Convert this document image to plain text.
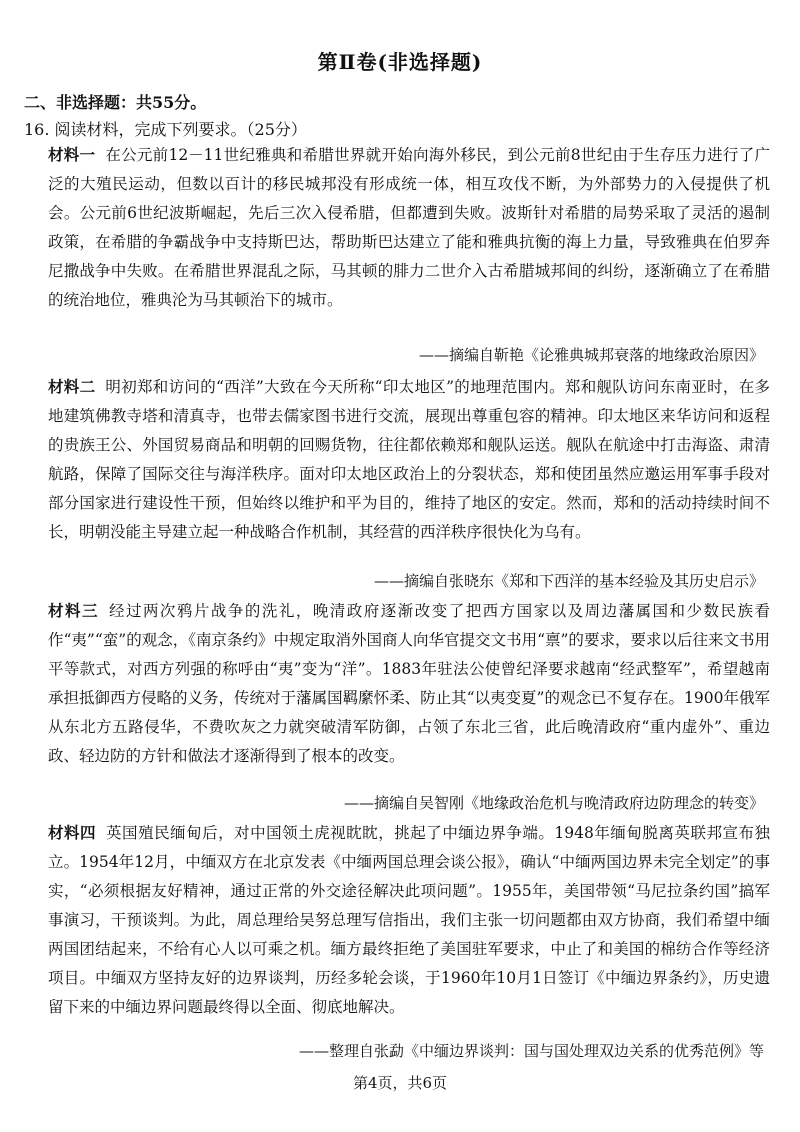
第Ⅱ卷(非选择题)
二、非选择题：共55分。
16. 阅读材料，完成下列要求。（25分）
材料一 在公元前12－11世纪雅典和希腊世界就开始向海外移民，到公元前8世纪由于生存压力进行了广泛的大殖民运动，但数以百计的移民城邦没有形成统一体，相互攻伐不断，为外部势力的入侵提供了机会。公元前6世纪波斯崛起，先后三次入侵希腊，但都遭到失败。波斯针对希腊的局势采取了灵活的遏制政策，在希腊的争霸战争中支持斯巴达，帮助斯巴达建立了能和雅典抗衡的海上力量，导致雅典在伯罗奔尼撒战争中失败。在希腊世界混乱之际，马其顿的腓力二世介入古希腊城邦间的纠纷，逐渐确立了在希腊的统治地位，雅典沦为马其顿治下的城市。
——摘编自靳艳《论雅典城邦衰落的地缘政治原因》
材料二 明初郑和访问的“西洋”大致在今天所称“印太地区”的地理范围内。郑和舰队访问东南亚时，在多地建筑佛教寺塔和清真寺，也带去儒家图书进行交流，展现出尊重包容的精神。印太地区来华访问和返程的贵族王公、外国贸易商品和明朝的回赐货物，往往都依赖郑和舰队运送。舰队在航途中打击海盗、肃清航路，保障了国际交往与海洋秩序。面对印太地区政治上的分裂状态，郑和使团虽然应邀运用军事手段对部分国家进行建设性干预，但始终以维护和平为目的，维持了地区的安定。然而，郑和的活动持续时间不长，明朝没能主导建立起一种战略合作机制，其经营的西洋秩序很快化为乌有。
——摘编自张晓东《郑和下西洋的基本经验及其历史启示》
材料三 经过两次鸦片战争的洗礼，晚清政府逐渐改变了把西方国家以及周边藩属国和少数民族看作“夷”“蛮”的观念，《南京条约》中规定取消外国商人向华官提交文书用“禀”的要求，要求以后往来文书用平等款式，对西方列强的称呼由“夷”变为“洋”。1883年驻法公使曾纪泽要求越南“经武整军”，希望越南承担抵御西方侵略的义务，传统对于藩属国羁縻怀柔、防止其“以夷变夏”的观念已不复存在。1900年俄军从东北方五路侵华，不费吹灰之力就突破清军防御，占领了东北三省，此后晚清政府“重内虚外”、重边政、轻边防的方针和做法才逐渐得到了根本的改变。
——摘编自吴智刚《地缘政治危机与晚清政府边防理念的转变》
材料四 英国殖民缅甸后，对中国领土虎视眈眈，挑起了中缅边界争端。1948年缅甸脱离英联邦宣布独立。1954年12月，中缅双方在北京发表《中缅两国总理会谈公报》，确认“中缅两国边界未完全划定”的事实，“必须根据友好精神，通过正常的外交途径解决此项问题”。1955年，美国带领“马尼拉条约国”搞军事演习，干预谈判。为此，周总理给吴努总理写信指出，我们主张一切问题都由双方协商，我们希望中缅两国团结起来，不给有心人以可乘之机。缅方最终拒绝了美国驻军要求，中止了和美国的棉纺合作等经济项目。中缅双方坚持友好的边界谈判，历经多轮会谈，于1960年10月1日签订《中缅边界条约》，历史遗留下来的中缅边界问题最终得以全面、彻底地解决。
——整理自张勐《中缅边界谈判：国与国处理双边关系的优秀范例》等
第4页，共6页
